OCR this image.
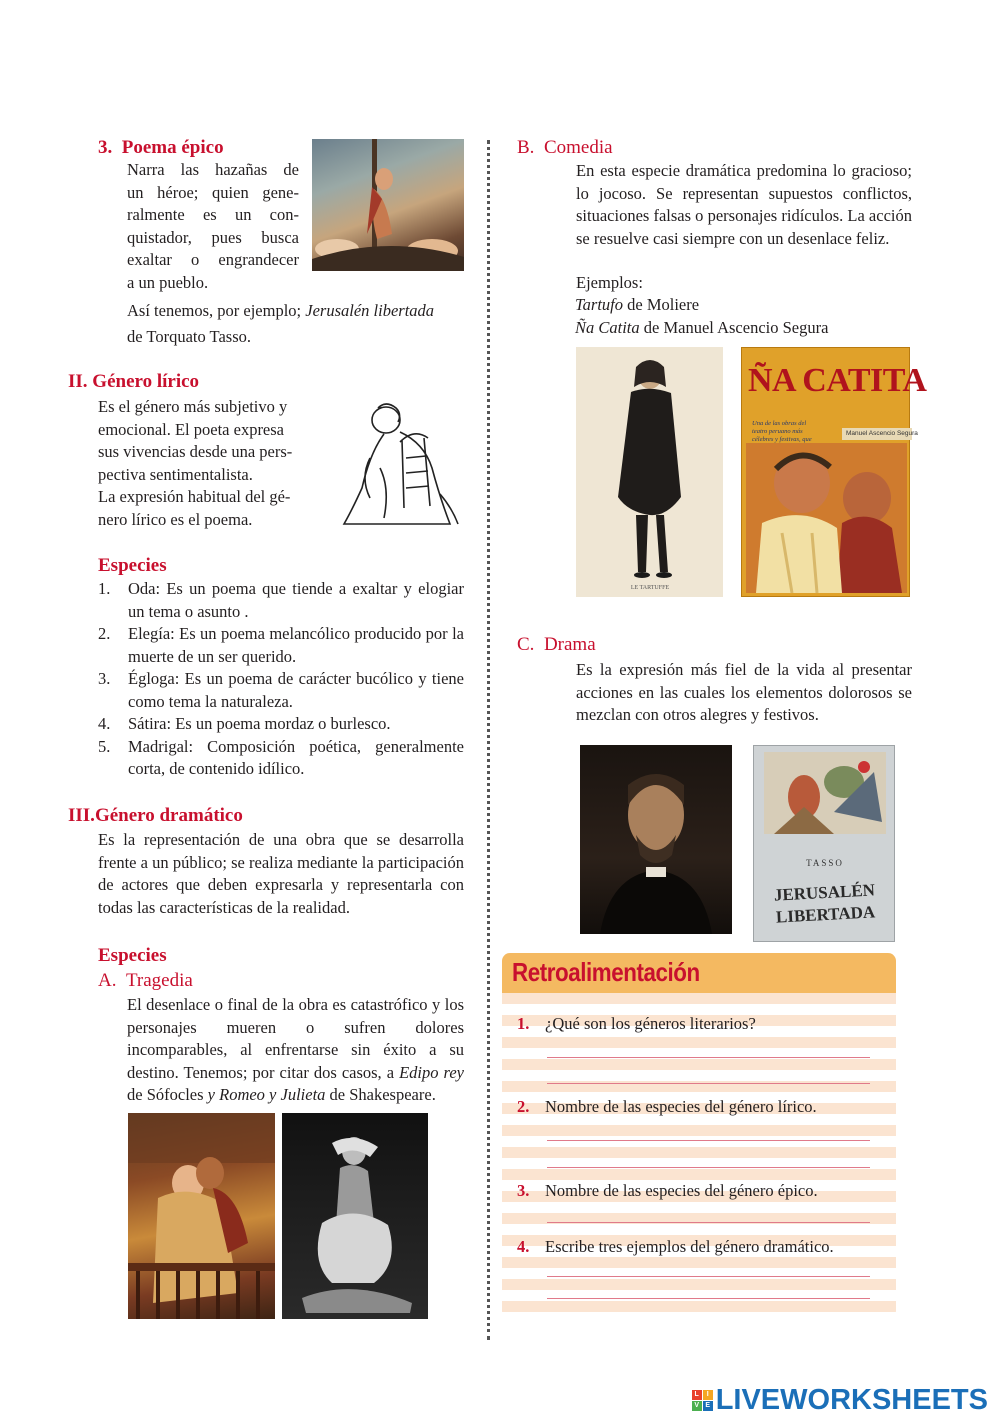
3. Poema épico
Narra las hazañas de
un héroe; quien gene-
ralmente es un con-
quistador, pues busca
exaltar o engrandecer
a un pueblo.
Así tenemos, por ejemplo; Jerusalén libertada
de Torquato Tasso.
II. Género lírico
Es el género más subjetivo y
emocional. El poeta expresa
sus vivencias desde una pers-
pectiva sentimentalista.
La expresión habitual del gé-
nero lírico es el poema.
Especies
1. Oda: Es un poema que tiende a exaltar y elogiar un tema o asunto .
2. Elegía: Es un poema melancólico producido por la muerte de un ser querido.
3. Égloga: Es un poema de carácter bucólico y tiene como tema la naturaleza.
4. Sátira: Es un poema mordaz o burlesco.
5. Madrigal: Composición poética, generalmente corta, de contenido idílico.
III.Género dramático
Es la representación de una obra que se desarrolla frente a un público; se realiza mediante la participación de actores que deben expresarla y representarla con todas las características de la realidad.
Especies
A. Tragedia
El desenlace o final de la obra es catastrófico y los personajes mueren o sufren dolores incomparables, al enfrentarse sin éxito a su destino. Tenemos; por citar dos casos, a Edipo rey de Sófocles y Romeo y Julieta de Shakespeare.
B. Comedia
En esta especie dramática predomina lo gracioso; lo jocoso. Se representan supuestos conflictos, situaciones falsas o personajes ridículos. La acción se resuelve casi siempre con un desenlace feliz.
Ejemplos:
Tartufo de Moliere
Ña Catita de Manuel Ascencio Segura
LE TARTUFFE
ÑA CATITA
Una de las obras del teatro peruano más célebres y festivas, que
Manuel Ascencio Segura
C. Drama
Es la expresión más fiel de la vida al presentar acciones en las cuales los elementos dolorosos se mezclan con otros alegres y festivos.
TASSO
JERUSALÉN
LIBERTADA
Retroalimentación
1. ¿Qué son los géneros literarios?
2. Nombre de las especies del género lírico.
3. Nombre de las especies del género épico.
4. Escribe tres ejemplos del género dramático.
L	I
V E LIVEWORKSHEETS
